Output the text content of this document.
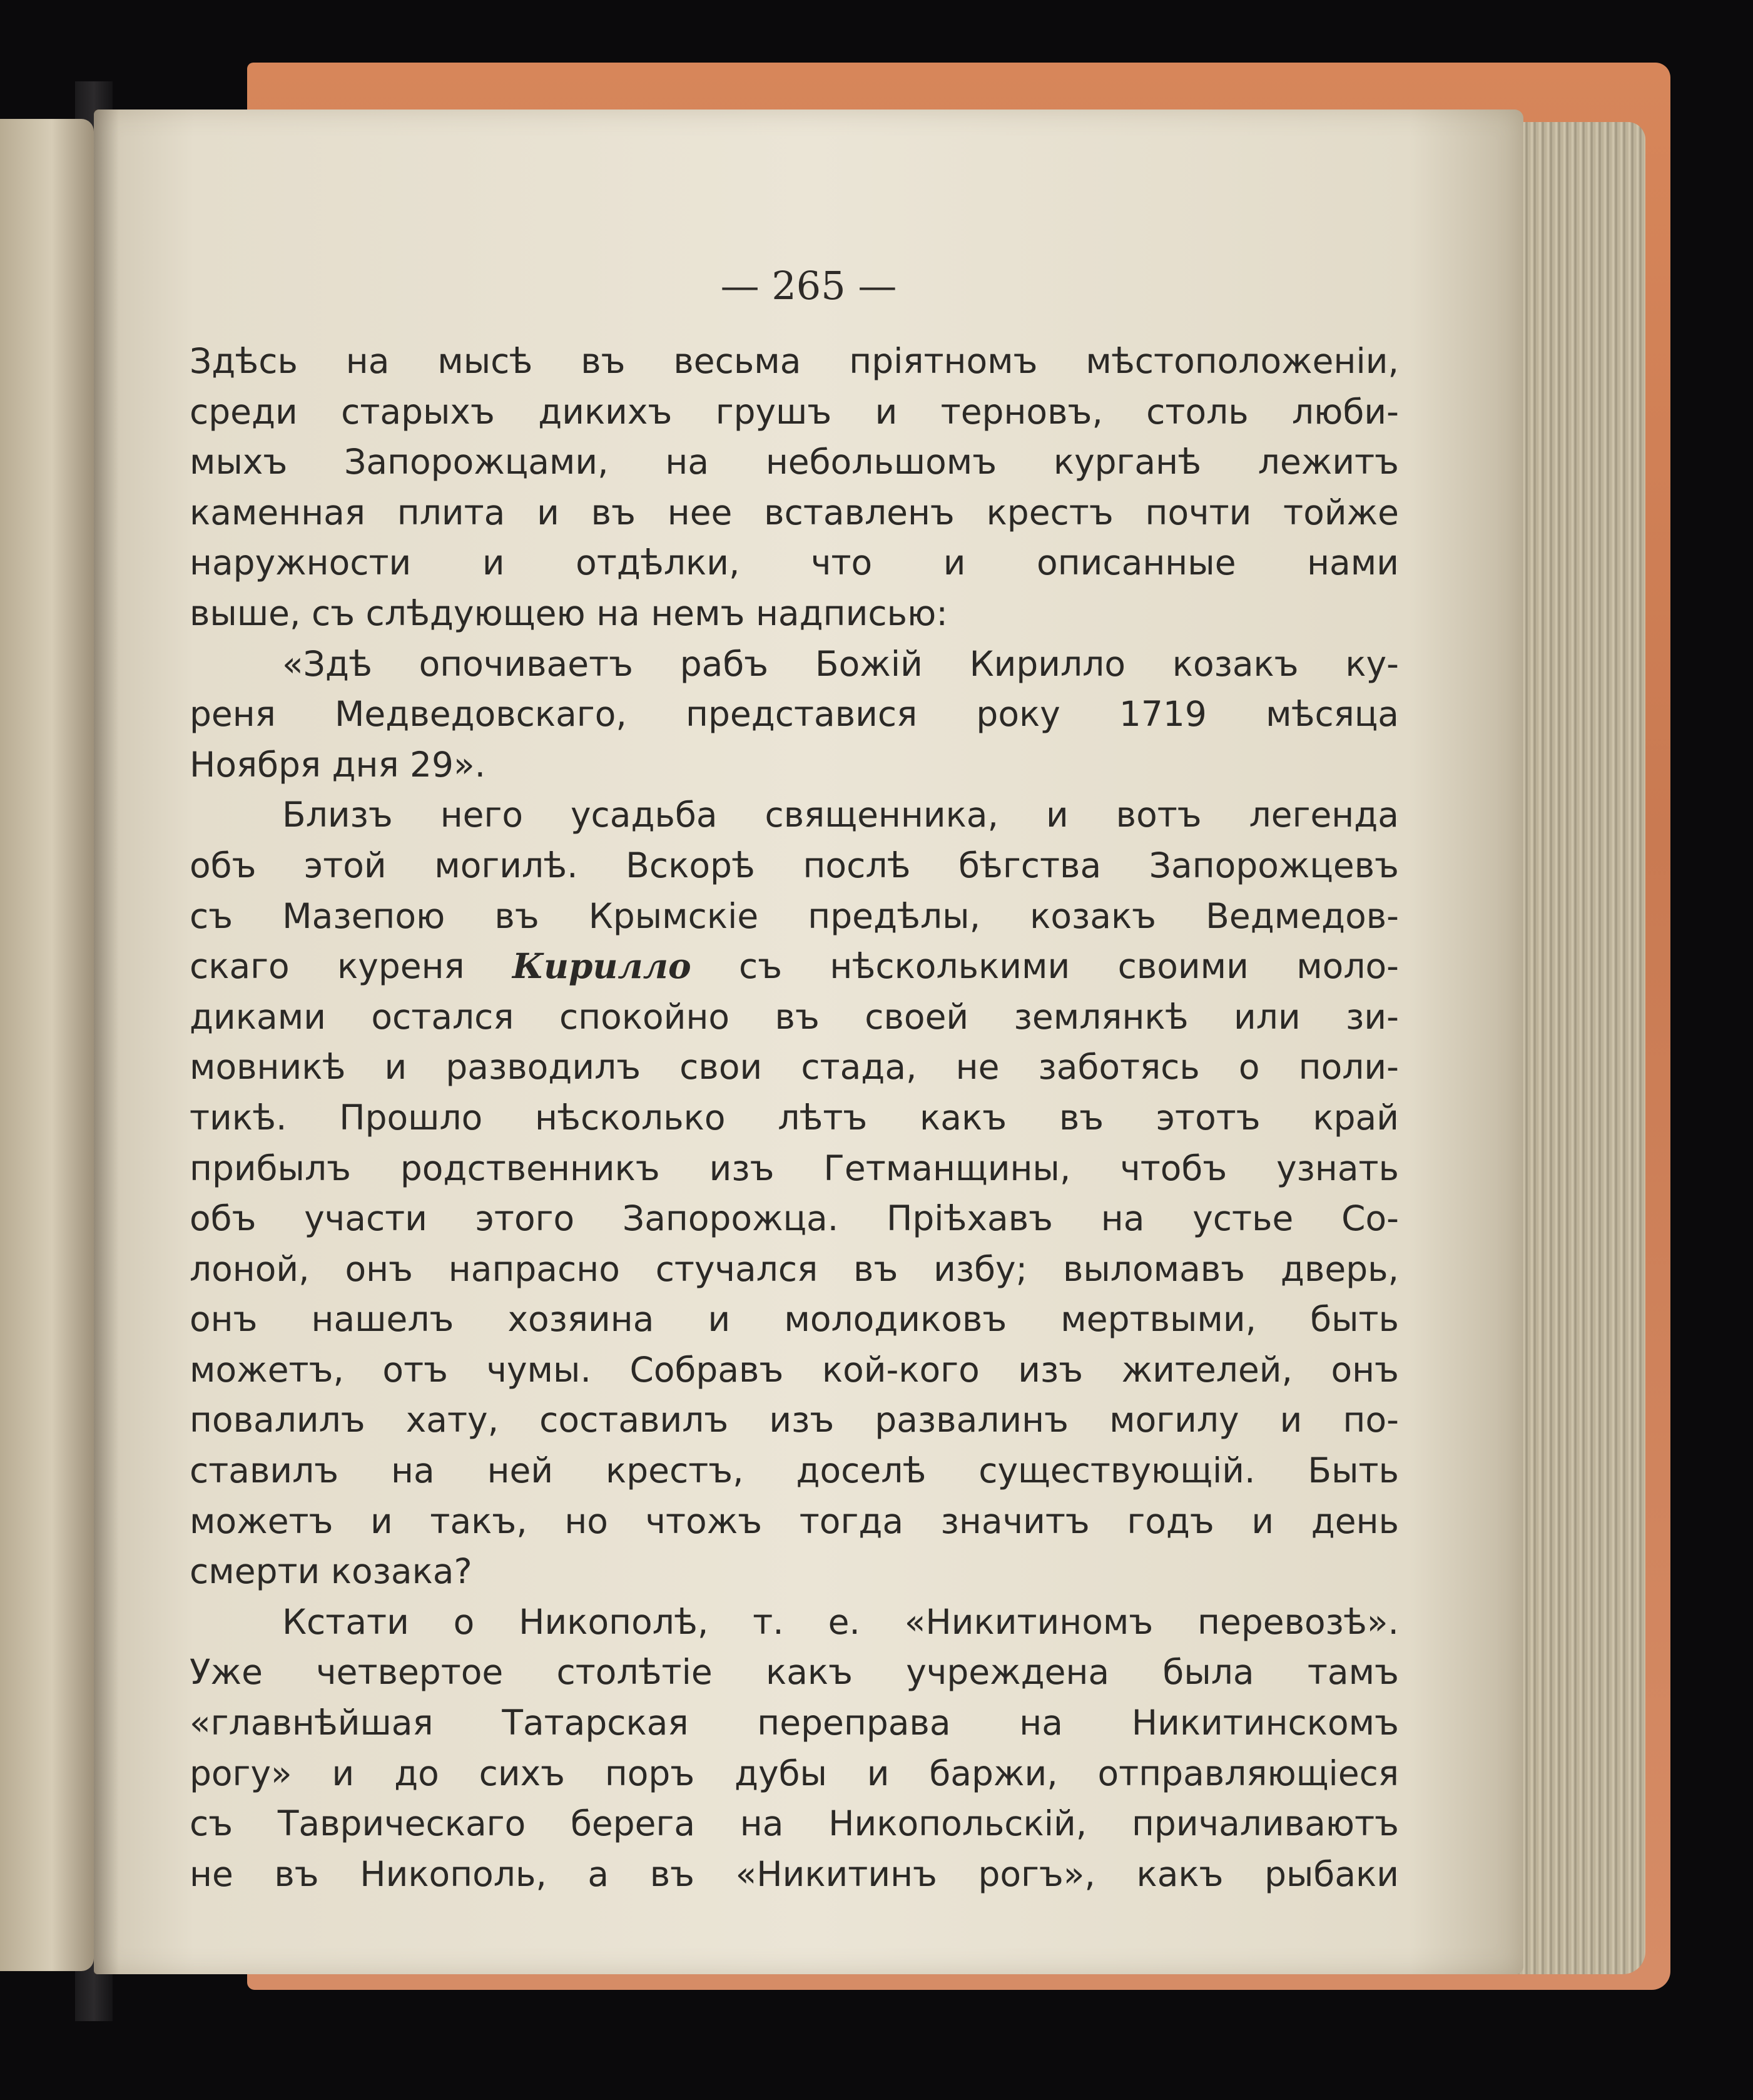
— 265 —

Здѣсь на мысѣ въ весьма пріятномъ мѣстоположеніи,
среди старыхъ дикихъ грушъ и терновъ, столь люби-
мыхъ Запорожцами, на небольшомъ курганѣ лежитъ
каменная плита и въ нее вставленъ крестъ почти тойже
наружности и отдѣлки, что и описанные нами
выше, съ слѣдующею на немъ надписью:
«Здѣ опочиваетъ рабъ Божій Кирилло козакъ ку-
реня Медведовскаго, представися року 1719 мѣсяца
Ноября дня 29».
Близъ него усадьба священника, и вотъ легенда
объ этой могилѣ. Вскорѣ послѣ бѣгства Запорожцевъ
съ Мазепою въ Крымскіе предѣлы, козакъ Ведмедов-
скаго куреня Кирилло съ нѣсколькими своими моло-
диками остался спокойно въ своей землянкѣ или зи-
мовникѣ и разводилъ свои стада, не заботясь о поли-
тикѣ. Прошло нѣсколько лѣтъ какъ въ этотъ край
прибылъ родственникъ изъ Гетманщины, чтобъ узнать
объ участи этого Запорожца. Пріѣхавъ на устье Со-
лоной, онъ напрасно стучался въ избу; выломавъ дверь,
онъ нашелъ хозяина и молодиковъ мертвыми, быть
можетъ, отъ чумы. Собравъ кой-кого изъ жителей, онъ
повалилъ хату, составилъ изъ развалинъ могилу и по-
ставилъ на ней крестъ, доселѣ существующій. Быть
можетъ и такъ, но чтожъ тогда значитъ годъ и день
смерти козака?
Кстати о Никополѣ, т. е. «Никитиномъ перевозѣ».
Уже четвертое столѣтіе какъ учреждена была тамъ
«главнѣйшая Татарская переправа на Никитинскомъ
рогу» и до сихъ поръ дубы и баржи, отправляющіеся
съ Таврическаго берега на Никопольскій, причаливаютъ
не въ Никополь, а въ «Никитинъ рогъ», какъ рыбаки
